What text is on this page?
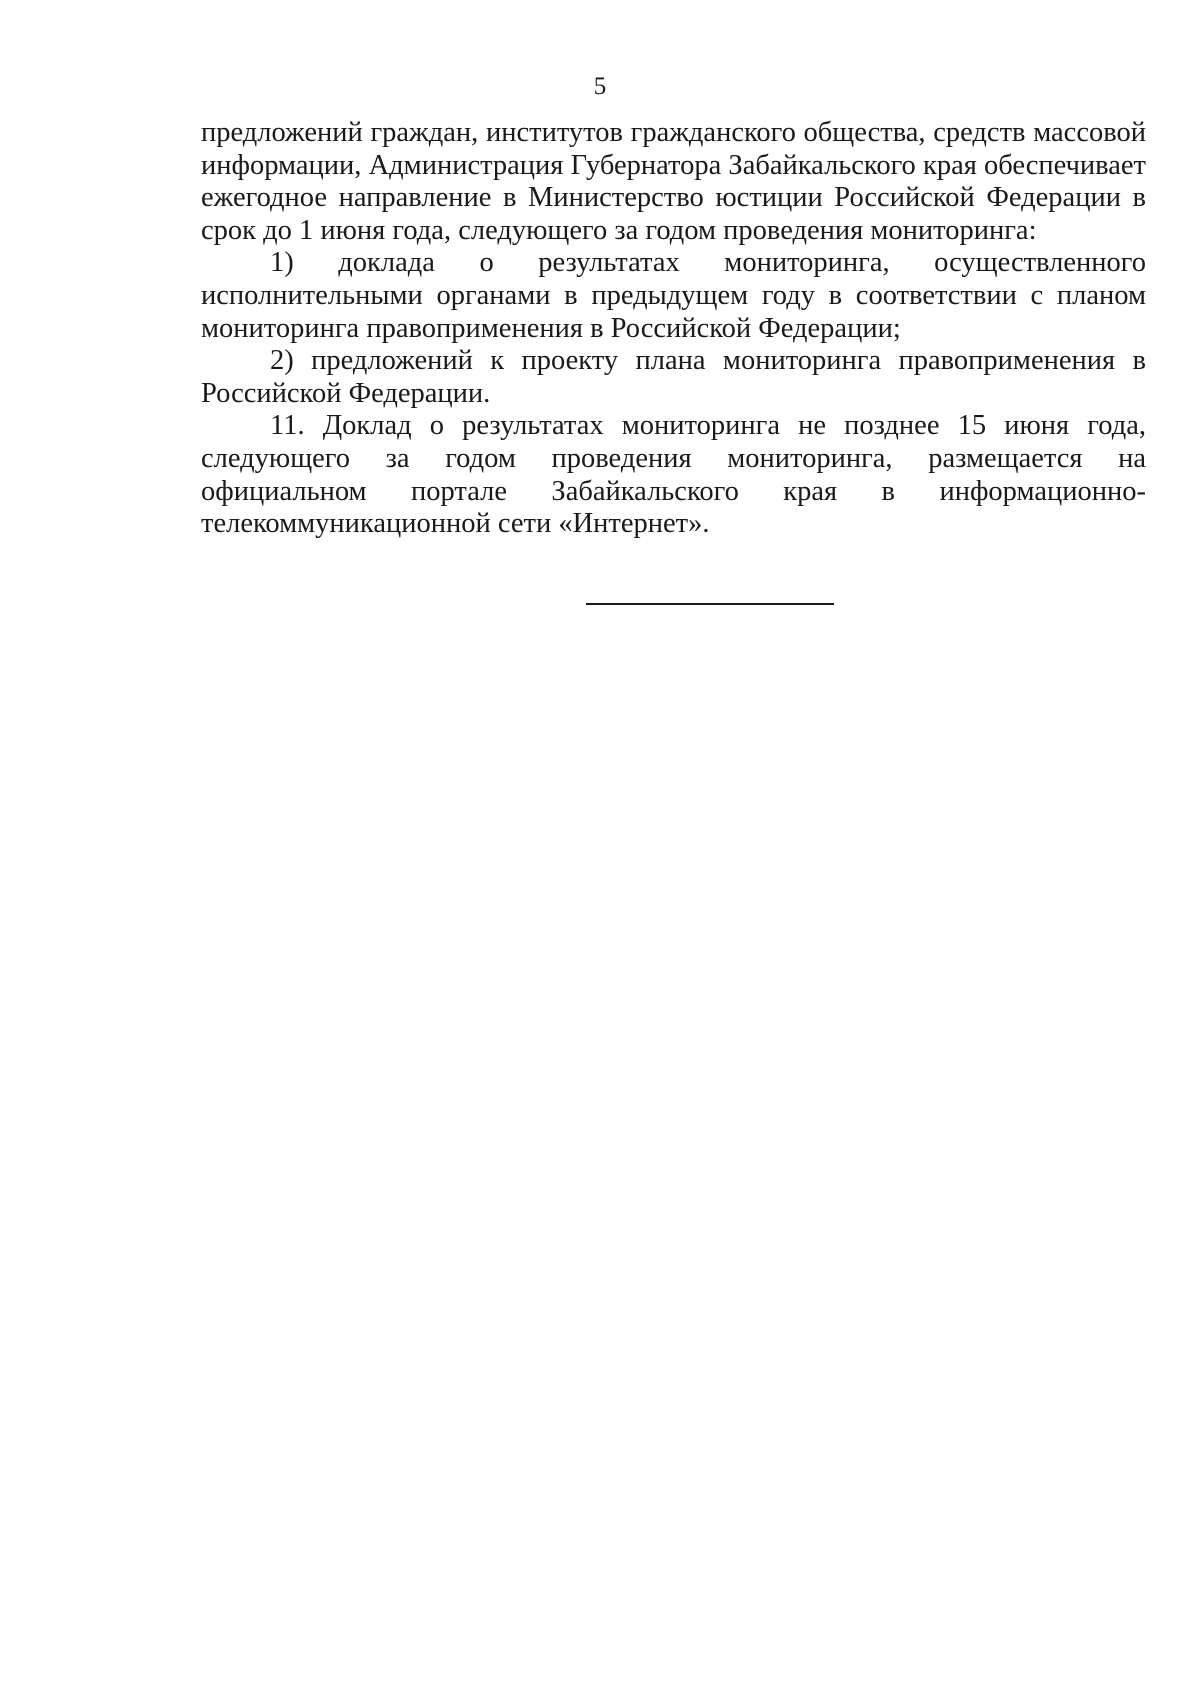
5

предложений граждан, институтов гражданского общества, средств массовой информации, Администрация Губернатора Забайкальского края обеспечивает ежегодное направление в Министерство юстиции Российской Федерации в срок до 1 июня года, следующего за годом проведения мониторинга:

1) доклада о результатах мониторинга, осуществленного исполнительными органами в предыдущем году в соответствии с планом мониторинга правоприменения в Российской Федерации;

2) предложений к проекту плана мониторинга правоприменения в Российской Федерации.

11. Доклад о результатах мониторинга не позднее 15 июня года, следующего за годом проведения мониторинга, размещается на официальном портале Забайкальского края в информационно-телекоммуникационной сети «Интернет».
